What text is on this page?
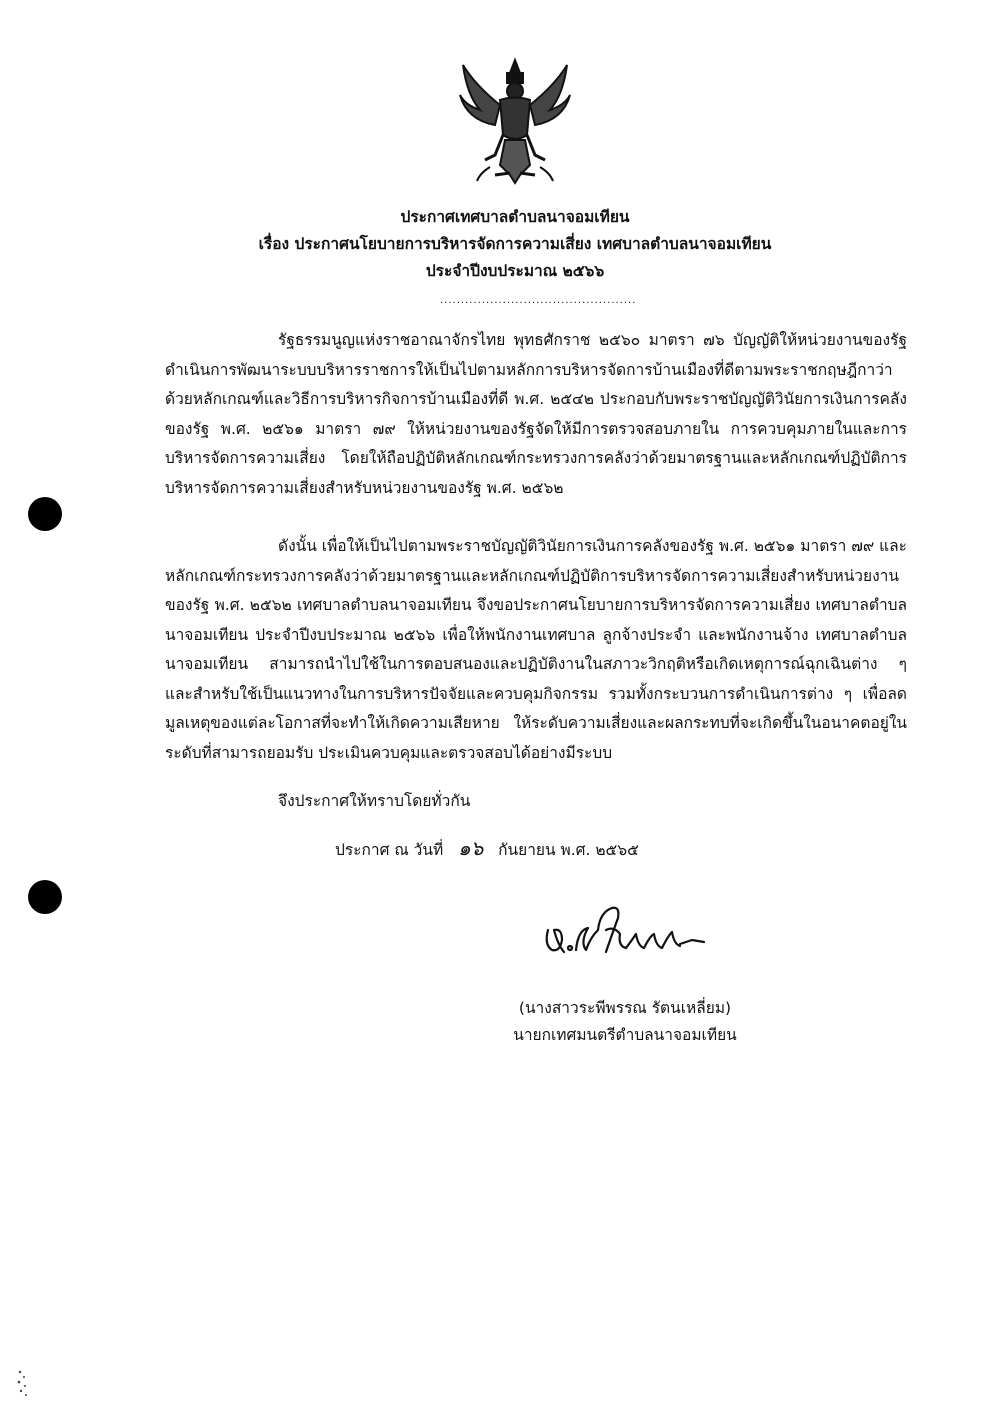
ประกาศเทศบาลตำบลนาจอมเทียน
เรื่อง ประกาศนโยบายการบริหารจัดการความเสี่ยง เทศบาลตำบลนาจอมเทียน
ประจำปีงบประมาณ ๒๕๖๖
...............................................
รัฐธรรมนูญแห่งราชอาณาจักรไทย พุทธศักราช ๒๕๖๐ มาตรา ๗๖ บัญญัติให้หน่วยงานของรัฐดำเนินการพัฒนาระบบบริหารราชการให้เป็นไปตามหลักการบริหารจัดการบ้านเมืองที่ดีตามพระราชกฤษฎีกาว่าด้วยหลักเกณฑ์และวิธีการบริหารกิจการบ้านเมืองที่ดี พ.ศ. ๒๕๔๒ ประกอบกับพระราชบัญญัติวินัยการเงินการคลังของรัฐ พ.ศ. ๒๕๖๑ มาตรา ๗๙ ให้หน่วยงานของรัฐจัดให้มีการตรวจสอบภายใน การควบคุมภายในและการบริหารจัดการความเสี่ยง โดยให้ถือปฏิบัติหลักเกณฑ์กระทรวงการคลังว่าด้วยมาตรฐานและหลักเกณฑ์ปฏิบัติการบริหารจัดการความเสี่ยงสำหรับหน่วยงานของรัฐ พ.ศ. ๒๕๖๒
ดังนั้น เพื่อให้เป็นไปตามพระราชบัญญัติวินัยการเงินการคลังของรัฐ พ.ศ. ๒๕๖๑ มาตรา ๗๙ และหลักเกณฑ์กระทรวงการคลังว่าด้วยมาตรฐานและหลักเกณฑ์ปฏิบัติการบริหารจัดการความเสี่ยงสำหรับหน่วยงานของรัฐ พ.ศ. ๒๕๖๒ เทศบาลตำบลนาจอมเทียน จึงขอประกาศนโยบายการบริหารจัดการความเสี่ยง เทศบาลตำบลนาจอมเทียน ประจำปีงบประมาณ ๒๕๖๖ เพื่อให้พนักงานเทศบาล ลูกจ้างประจำ และพนักงานจ้าง เทศบาลตำบลนาจอมเทียน สามารถนำไปใช้ในการตอบสนองและปฏิบัติงานในสภาวะวิกฤติหรือเกิดเหตุการณ์ฉุกเฉินต่าง ๆ และสำหรับใช้เป็นแนวทางในการบริหารปัจจัยและควบคุมกิจกรรม รวมทั้งกระบวนการดำเนินการต่าง ๆ เพื่อลดมูลเหตุของแต่ละโอกาสที่จะทำให้เกิดความเสียหาย ให้ระดับความเสี่ยงและผลกระทบที่จะเกิดขึ้นในอนาคตอยู่ในระดับที่สามารถยอมรับ ประเมินควบคุมและตรวจสอบได้อย่างมีระบบ
จึงประกาศให้ทราบโดยทั่วกัน
ประกาศ ณ วันที่ ๑๖ กันยายน พ.ศ. ๒๕๖๕
(นางสาวระพีพรรณ รัตนเหลี่ยม)
นายกเทศมนตรีตำบลนาจอมเทียน
